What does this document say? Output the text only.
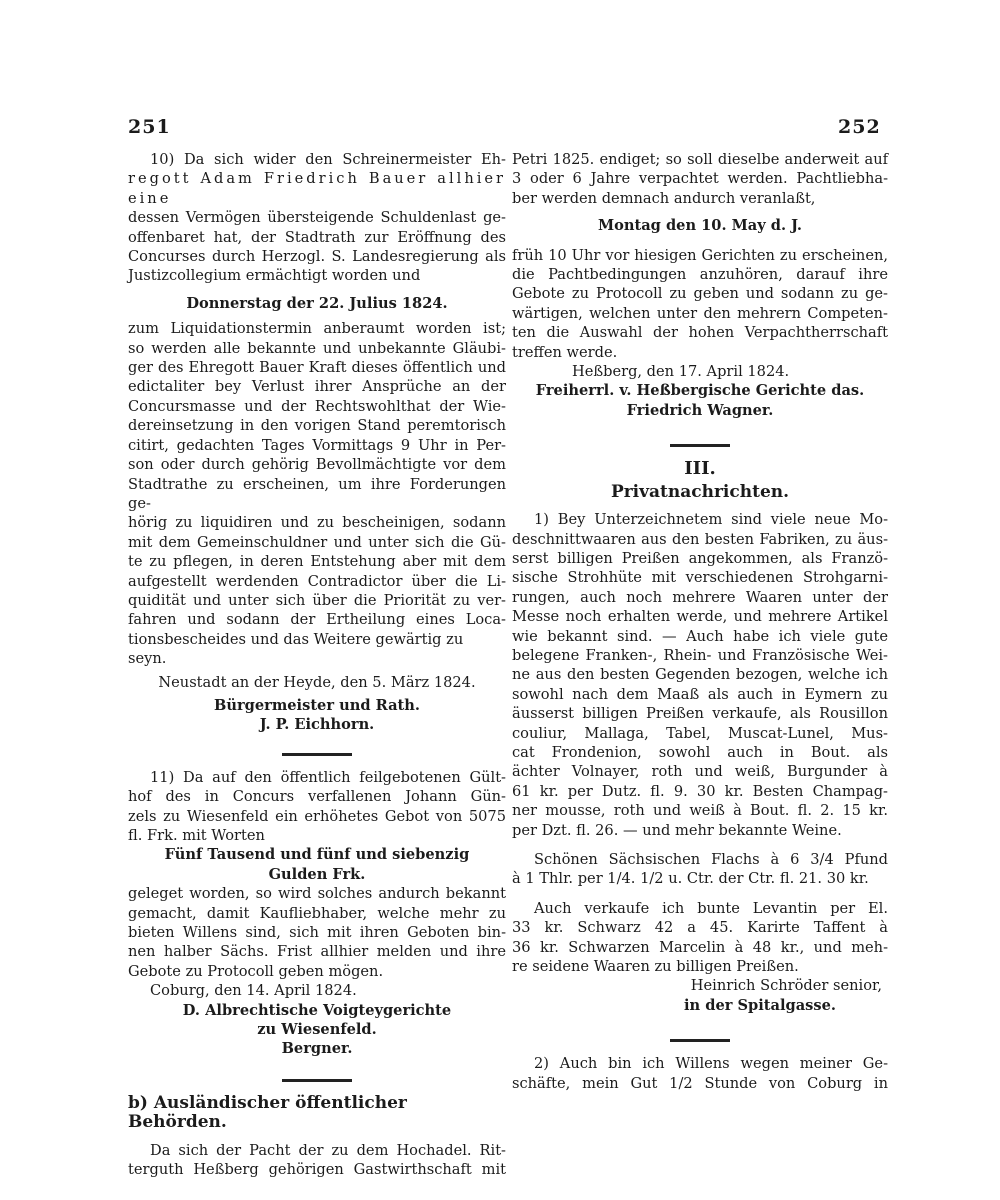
251	252
10) Da sich wider den Schreinermeister Eh-
regott Adam Friedrich Bauer allhier eine
dessen Vermögen übersteigende Schuldenlast ge-
offenbaret hat, der Stadtrath zur Eröffnung des
Concurses durch Herzogl. S. Landesregierung als
Justizcollegium ermächtigt worden und
Donnerstag der 22. Julius 1824.
zum Liquidationstermin anberaumt worden ist;
so werden alle bekannte und unbekannte Gläubi-
ger des Ehregott Bauer Kraft dieses öffentlich und
edictaliter bey Verlust ihrer Ansprüche an der
Concursmasse und der Rechtswohlthat der Wie-
dereinsetzung in den vorigen Stand peremtorisch
citirt, gedachten Tages Vormittags 9 Uhr in Per-
son oder durch gehörig Bevollmächtigte vor dem
Stadtrathe zu erscheinen, um ihre Forderungen ge-
hörig zu liquidiren und zu bescheinigen, sodann
mit dem Gemeinschuldner und unter sich die Gü-
te zu pflegen, in deren Entstehung aber mit dem
aufgestellt werdenden Contradictor über die Li-
quidität und unter sich über die Priorität zu ver-
fahren und sodann der Ertheilung eines Loca-
tionsbescheides und das Weitere gewärtig zu seyn.
Neustadt an der Heyde, den 5. März 1824.
Bürgermeister und Rath.
J. P. Eichhorn.
11) Da auf den öffentlich feilgebotenen Gült-
hof des in Concurs verfallenen Johann Gün-
zels zu Wiesenfeld ein erhöhetes Gebot von 5075
fl. Frk. mit Worten
Fünf Tausend und fünf und siebenzig
Gulden Frk.
geleget worden, so wird solches andurch bekannt
gemacht, damit Kaufliebhaber, welche mehr zu
bieten Willens sind, sich mit ihren Geboten bin-
nen halber Sächs. Frist allhier melden und ihre
Gebote zu Protocoll geben mögen.
Coburg, den 14. April 1824.
D. Albrechtische Voigteygerichte
zu Wiesenfeld.
Bergner.
b) Ausländischer öffentlicher Behörden.
Da sich der Pacht der zu dem Hochadel. Rit-
terguth Heßberg gehörigen Gastwirthschaft mit
Petri 1825. endiget; so soll dieselbe anderweit auf
3 oder 6 Jahre verpachtet werden. Pachtliebha-
ber werden demnach andurch veranlaßt,
Montag den 10. May d. J.
früh 10 Uhr vor hiesigen Gerichten zu erscheinen,
die Pachtbedingungen anzuhören, darauf ihre
Gebote zu Protocoll zu geben und sodann zu ge-
wärtigen, welchen unter den mehrern Competen-
ten die Auswahl der hohen Verpachtherrschaft
treffen werde.
Heßberg, den 17. April 1824.
Freiherrl. v. Heßbergische Gerichte das.
Friedrich Wagner.
III.
Privatnachrichten.
1) Bey Unterzeichnetem sind viele neue Mo-
deschnittwaaren aus den besten Fabriken, zu äus-
serst billigen Preißen angekommen, als Franzö-
sische Strohhüte mit verschiedenen Strohgarni-
rungen, auch noch mehrere Waaren unter der
Messe noch erhalten werde, und mehrere Artikel
wie bekannt sind. — Auch habe ich viele gute
belegene Franken-, Rhein- und Französische Wei-
ne aus den besten Gegenden bezogen, welche ich
sowohl nach dem Maaß als auch in Eymern zu
äusserst billigen Preißen verkaufe, als Rousillon
couliur, Mallaga, Tabel, Muscat-Lunel, Mus-
cat Frondenion, sowohl auch in Bout. als
ächter Volnayer, roth und weiß, Burgunder à
61 kr. per Dutz. fl. 9. 30 kr. Besten Champag-
ner mousse, roth und weiß à Bout. fl. 2. 15 kr.
per Dzt. fl. 26. — und mehr bekannte Weine.
Schönen Sächsischen Flachs à 6 3/4 Pfund
à 1 Thlr. per 1/4. 1/2 u. Ctr. der Ctr. fl. 21. 30 kr.
Auch verkaufe ich bunte Levantin per El.
33 kr. Schwarz 42 a 45. Karirte Taffent à
36 kr. Schwarzen Marcelin à 48 kr., und meh-
re seidene Waaren zu billigen Preißen.
Heinrich Schröder senior,
in der Spitalgasse.
2) Auch bin ich Willens wegen meiner Ge-
schäfte, mein Gut 1/2 Stunde von Coburg in
